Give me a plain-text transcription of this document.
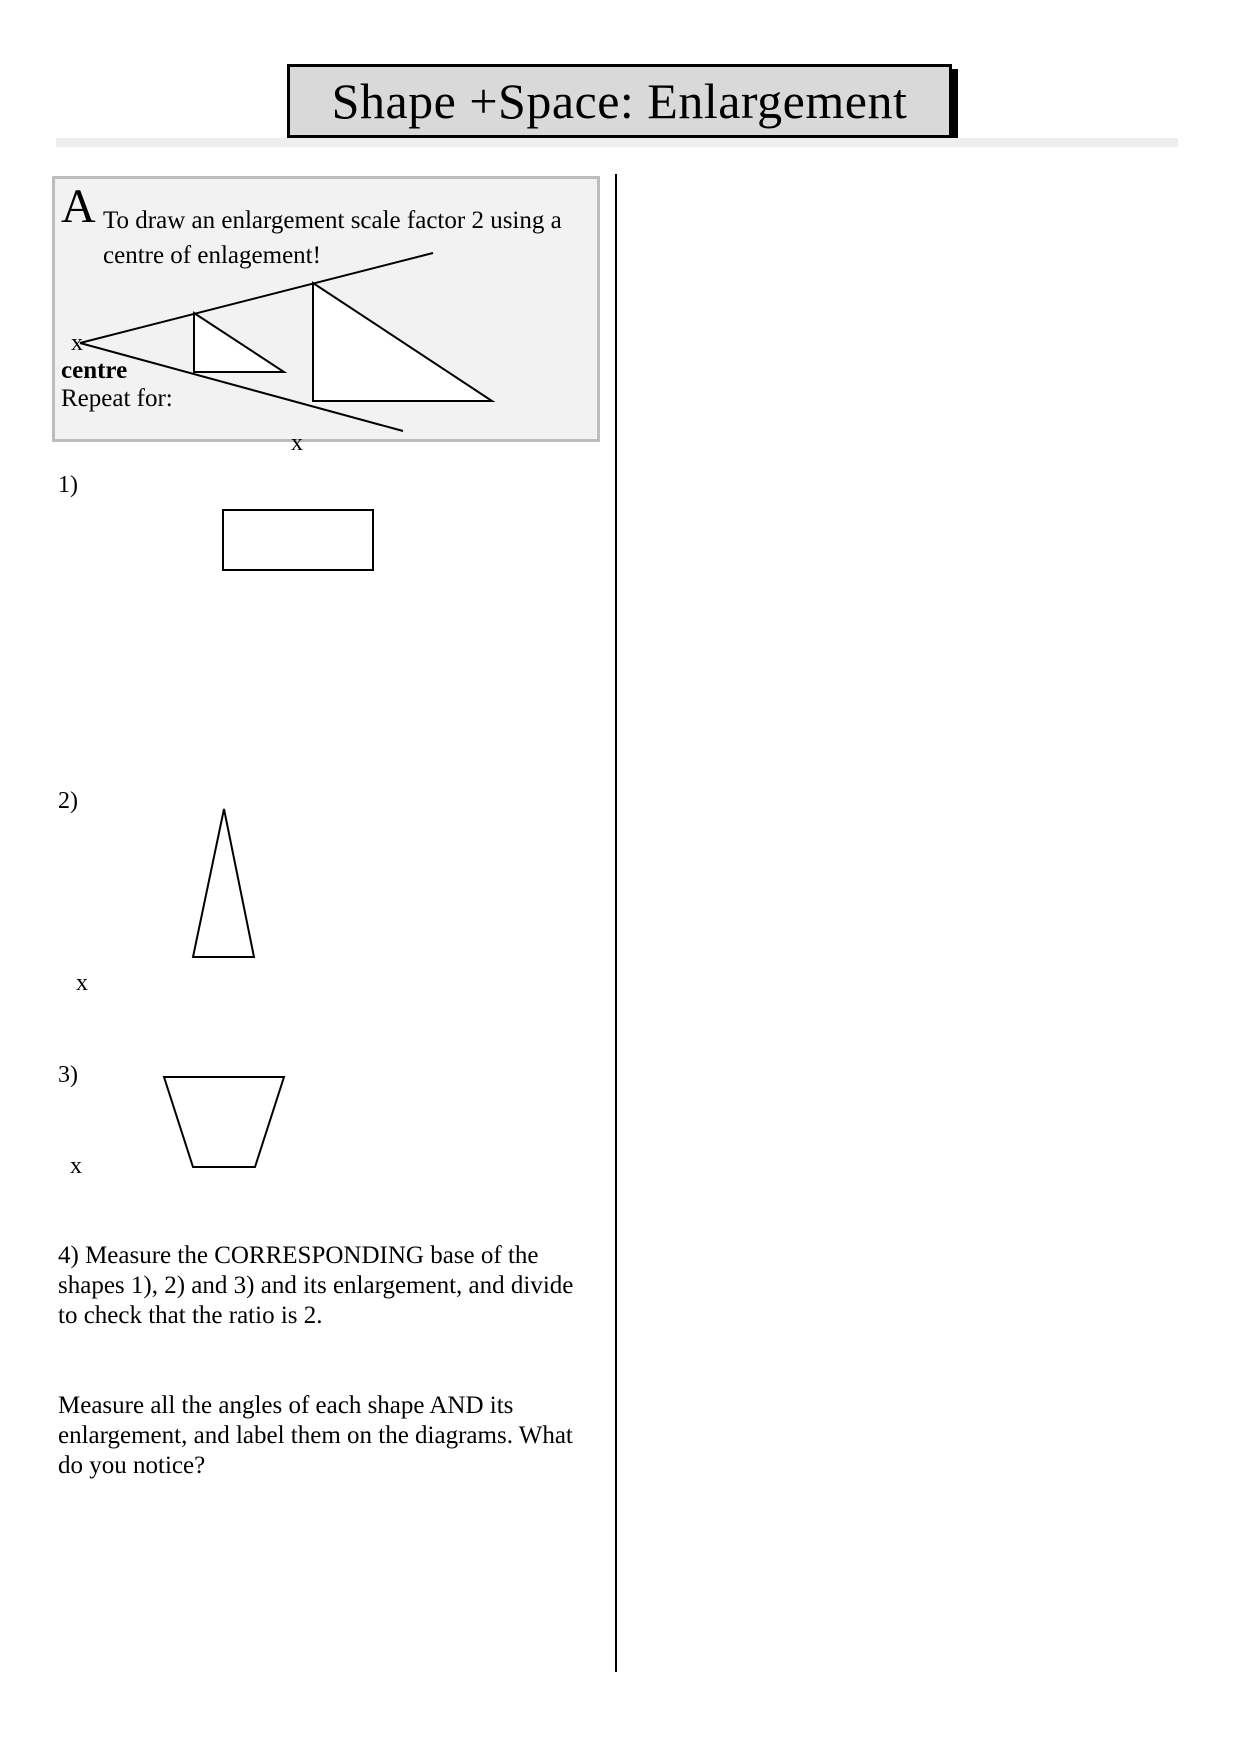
Shape +Space: Enlargement
A To draw an enlargement scale factor 2 using a centre of enlagement!
centre
Repeat for:
x
x
1)
2)
x
3)
x
4) Measure the CORRESPONDING base of the shapes 1), 2) and 3) and its enlargement, and divide to check that the ratio is 2.
Measure all the angles of each shape AND its enlargement, and label them on the diagrams. What do you notice?
